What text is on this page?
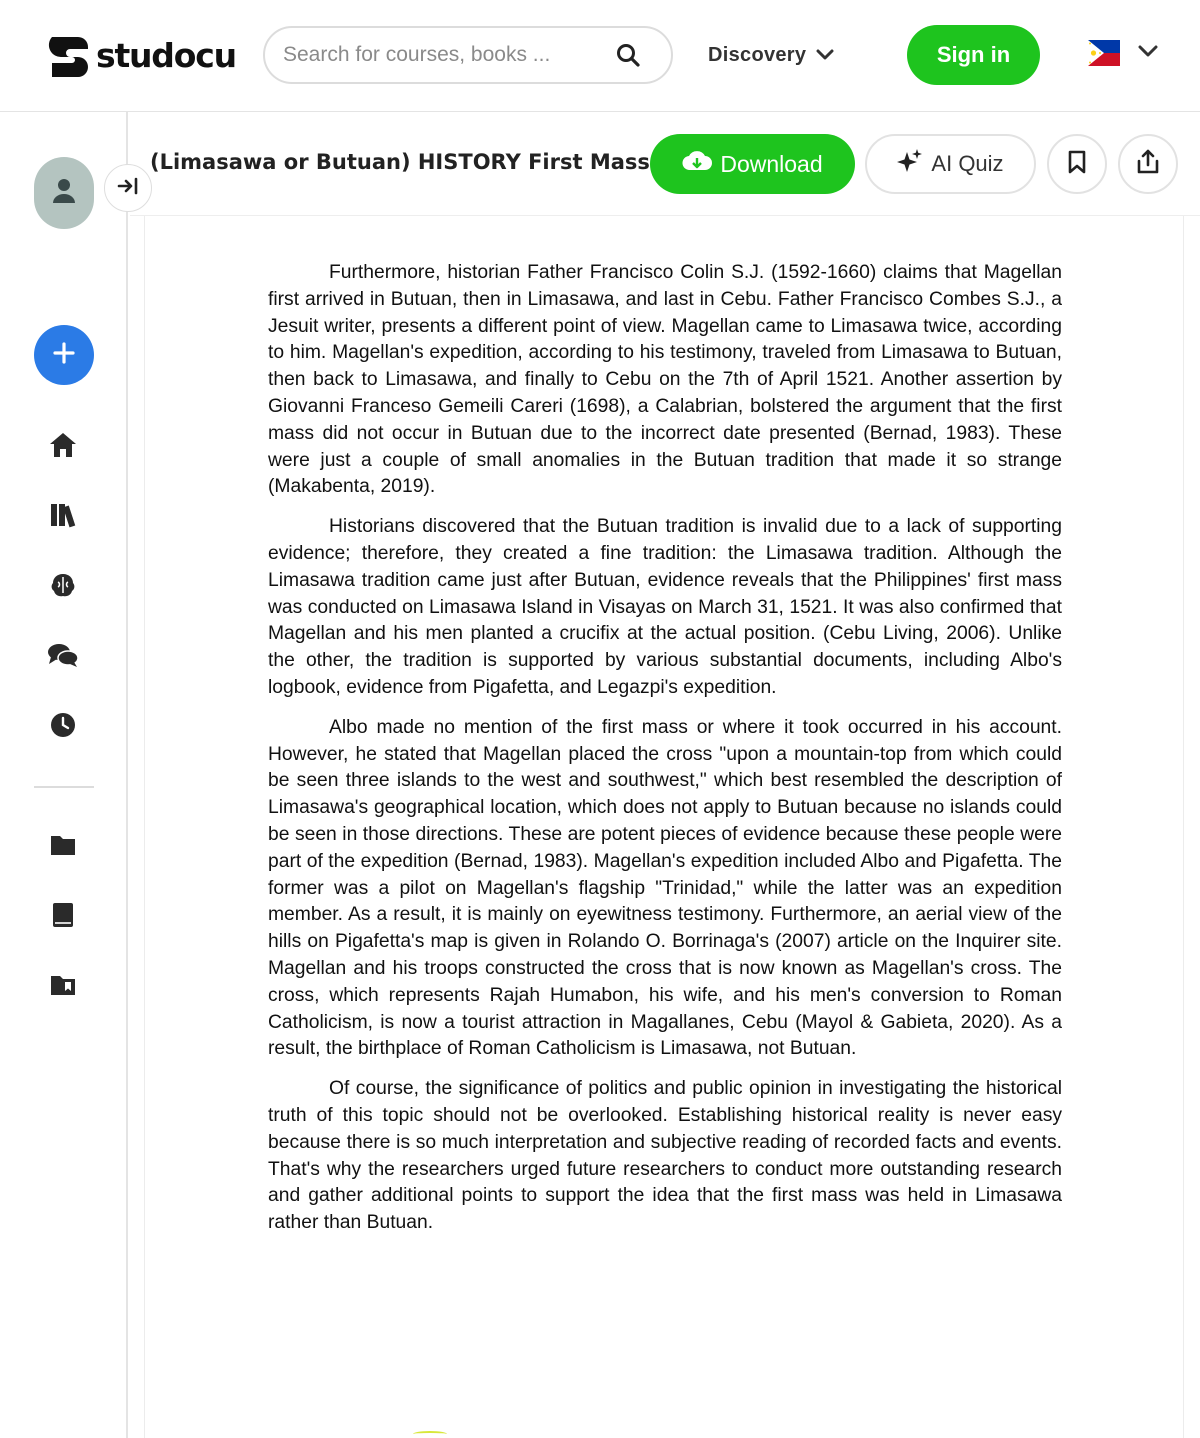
studocu
Search for courses, books ...	Discovery	Sign in
(Limasawa or Butuan) HISTORY First Mass	Download	AI Quiz

Furthermore, historian Father Francisco Colin S.J. (1592-1660) claims that Magellan first arrived in Butuan, then in Limasawa, and last in Cebu. Father Francisco Combes S.J., a Jesuit writer, presents a different point of view. Magellan came to Limasawa twice, according to him. Magellan's expedition, according to his testimony, traveled from Limasawa to Butuan, then back to Limasawa, and finally to Cebu on the 7th of April 1521. Another assertion by Giovanni Franceso Gemeili Careri (1698), a Calabrian, bolstered the argument that the first mass did not occur in Butuan due to the incorrect date presented (Bernad, 1983). These were just a couple of small anomalies in the Butuan tradition that made it so strange (Makabenta, 2019).

Historians discovered that the Butuan tradition is invalid due to a lack of supporting evidence; therefore, they created a fine tradition: the Limasawa tradition. Although the Limasawa tradition came just after Butuan, evidence reveals that the Philippines' first mass was conducted on Limasawa Island in Visayas on March 31, 1521. It was also confirmed that Magellan and his men planted a crucifix at the actual position. (Cebu Living, 2006). Unlike the other, the tradition is supported by various substantial documents, including Albo's logbook, evidence from Pigafetta, and Legazpi's expedition.

Albo made no mention of the first mass or where it took occurred in his account. However, he stated that Magellan placed the cross "upon a mountain-top from which could be seen three islands to the west and southwest," which best resembled the description of Limasawa's geographical location, which does not apply to Butuan because no islands could be seen in those directions. These are potent pieces of evidence because these people were part of the expedition (Bernad, 1983). Magellan's expedition included Albo and Pigafetta. The former was a pilot on Magellan's flagship "Trinidad," while the latter was an expedition member. As a result, it is mainly on eyewitness testimony. Furthermore, an aerial view of the hills on Pigafetta's map is given in Rolando O. Borrinaga's (2007) article on the Inquirer site. Magellan and his troops constructed the cross that is now known as Magellan's cross. The cross, which represents Rajah Humabon, his wife, and his men's conversion to Roman Catholicism, is now a tourist attraction in Magallanes, Cebu (Mayol & Gabieta, 2020). As a result, the birthplace of Roman Catholicism is Limasawa, not Butuan.

Of course, the significance of politics and public opinion in investigating the historical truth of this topic should not be overlooked. Establishing historical reality is never easy because there is so much interpretation and subjective reading of recorded facts and events. That's why the researchers urged future researchers to conduct more outstanding research and gather additional points to support the idea that the first mass was held in Limasawa rather than Butuan.
